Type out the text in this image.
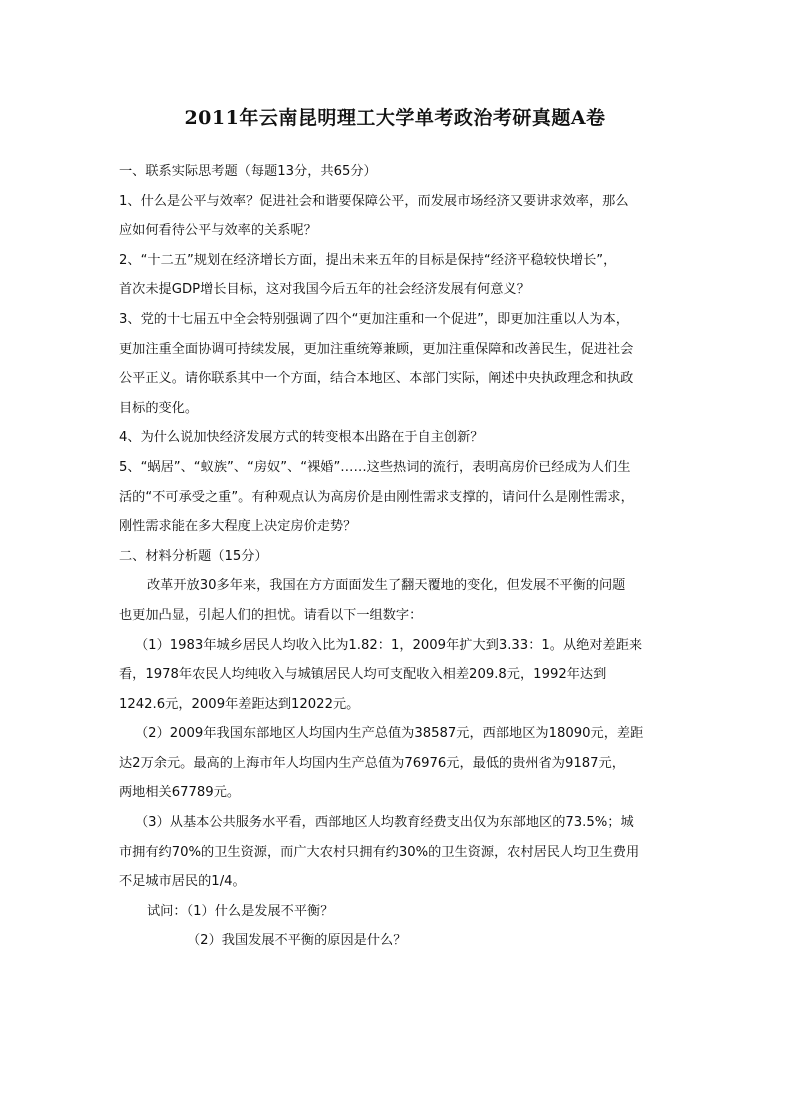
2011年云南昆明理工大学单考政治考研真题A卷
一、联系实际思考题（每题13分，共65分）
1、什么是公平与效率？促进社会和谐要保障公平，而发展市场经济又要讲求效率，那么
应如何看待公平与效率的关系呢？
2、“十二五”规划在经济增长方面，提出未来五年的目标是保持“经济平稳较快增长”，
首次未提GDP增长目标，这对我国今后五年的社会经济发展有何意义？
3、党的十七届五中全会特别强调了四个“更加注重和一个促进”，即更加注重以人为本，
更加注重全面协调可持续发展，更加注重统筹兼顾，更加注重保障和改善民生，促进社会
公平正义。请你联系其中一个方面，结合本地区、本部门实际，阐述中央执政理念和执政
目标的变化。
4、为什么说加快经济发展方式的转变根本出路在于自主创新？
5、“蜗居”、“蚁族”、“房奴”、“裸婚”……这些热词的流行，表明高房价已经成为人们生
活的“不可承受之重”。有种观点认为高房价是由刚性需求支撑的，请问什么是刚性需求，
刚性需求能在多大程度上决定房价走势？
二、材料分析题（15分）
改革开放30多年来，我国在方方面面发生了翻天覆地的变化，但发展不平衡的问题
也更加凸显，引起人们的担忧。请看以下一组数字：
（1）1983年城乡居民人均收入比为1.82：1，2009年扩大到3.33：1。从绝对差距来
看，1978年农民人均纯收入与城镇居民人均可支配收入相差209.8元，1992年达到
1242.6元，2009年差距达到12022元。
（2）2009年我国东部地区人均国内生产总值为38587元，西部地区为18090元，差距
达2万余元。最高的上海市年人均国内生产总值为76976元，最低的贵州省为9187元，
两地相关67789元。
（3）从基本公共服务水平看，西部地区人均教育经费支出仅为东部地区的73.5%；城
市拥有约70%的卫生资源，而广大农村只拥有约30%的卫生资源，农村居民人均卫生费用
不足城市居民的1/4。
试问：（1）什么是发展不平衡？
（2）我国发展不平衡的原因是什么？
